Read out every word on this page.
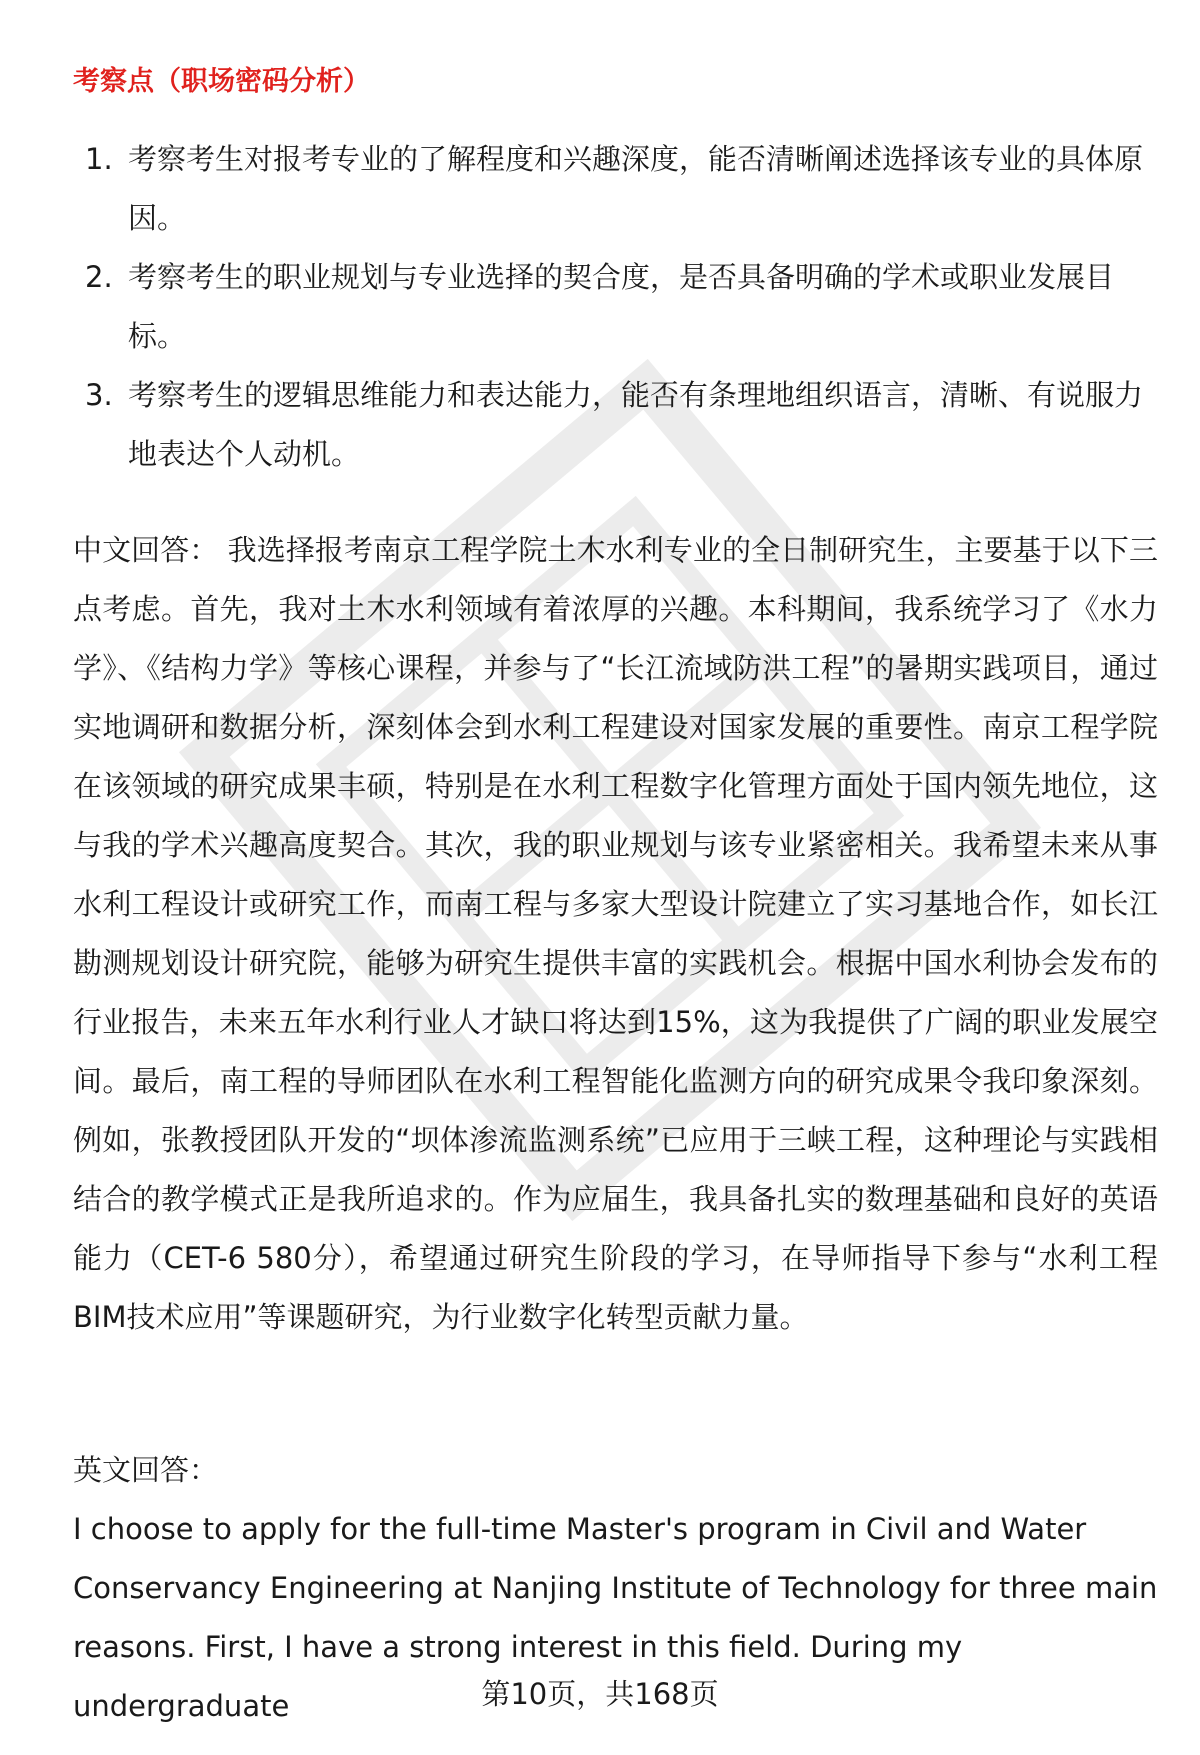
考察点（职场密码分析）
1. 考察考生对报考专业的了解程度和兴趣深度，能否清晰阐述选择该专业的具体原因。
2. 考察考生的职业规划与专业选择的契合度，是否具备明确的学术或职业发展目标。
3. 考察考生的逻辑思维能力和表达能力，能否有条理地组织语言，清晰、有说服力地表达个人动机。

中文回答： 我选择报考南京工程学院土木水利专业的全日制研究生，主要基于以下三点考虑。首先，我对土木水利领域有着浓厚的兴趣。本科期间，我系统学习了《水力学》、《结构力学》等核心课程，并参与了“长江流域防洪工程”的暑期实践项目，通过实地调研和数据分析，深刻体会到水利工程建设对国家发展的重要性。南京工程学院在该领域的研究成果丰硕，特别是在水利工程数字化管理方面处于国内领先地位，这与我的学术兴趣高度契合。其次，我的职业规划与该专业紧密相关。我希望未来从事水利工程设计或研究工作，而南工程与多家大型设计院建立了实习基地合作，如长江勘测规划设计研究院，能够为研究生提供丰富的实践机会。根据中国水利协会发布的行业报告，未来五年水利行业人才缺口将达到15%，这为我提供了广阔的职业发展空间。最后，南工程的导师团队在水利工程智能化监测方向的研究成果令我印象深刻。例如，张教授团队开发的“坝体渗流监测系统”已应用于三峡工程，这种理论与实践相结合的教学模式正是我所追求的。作为应届生，我具备扎实的数理基础和良好的英语能力（CET-6 580分），希望通过研究生阶段的学习，在导师指导下参与“水利工程BIM技术应用”等课题研究，为行业数字化转型贡献力量。

英文回答：

I choose to apply for the full-time Master's program in Civil and Water Conservancy Engineering at Nanjing Institute of Technology for three main reasons. First, I have a strong interest in this field. During my undergraduate	第10页，共168页
